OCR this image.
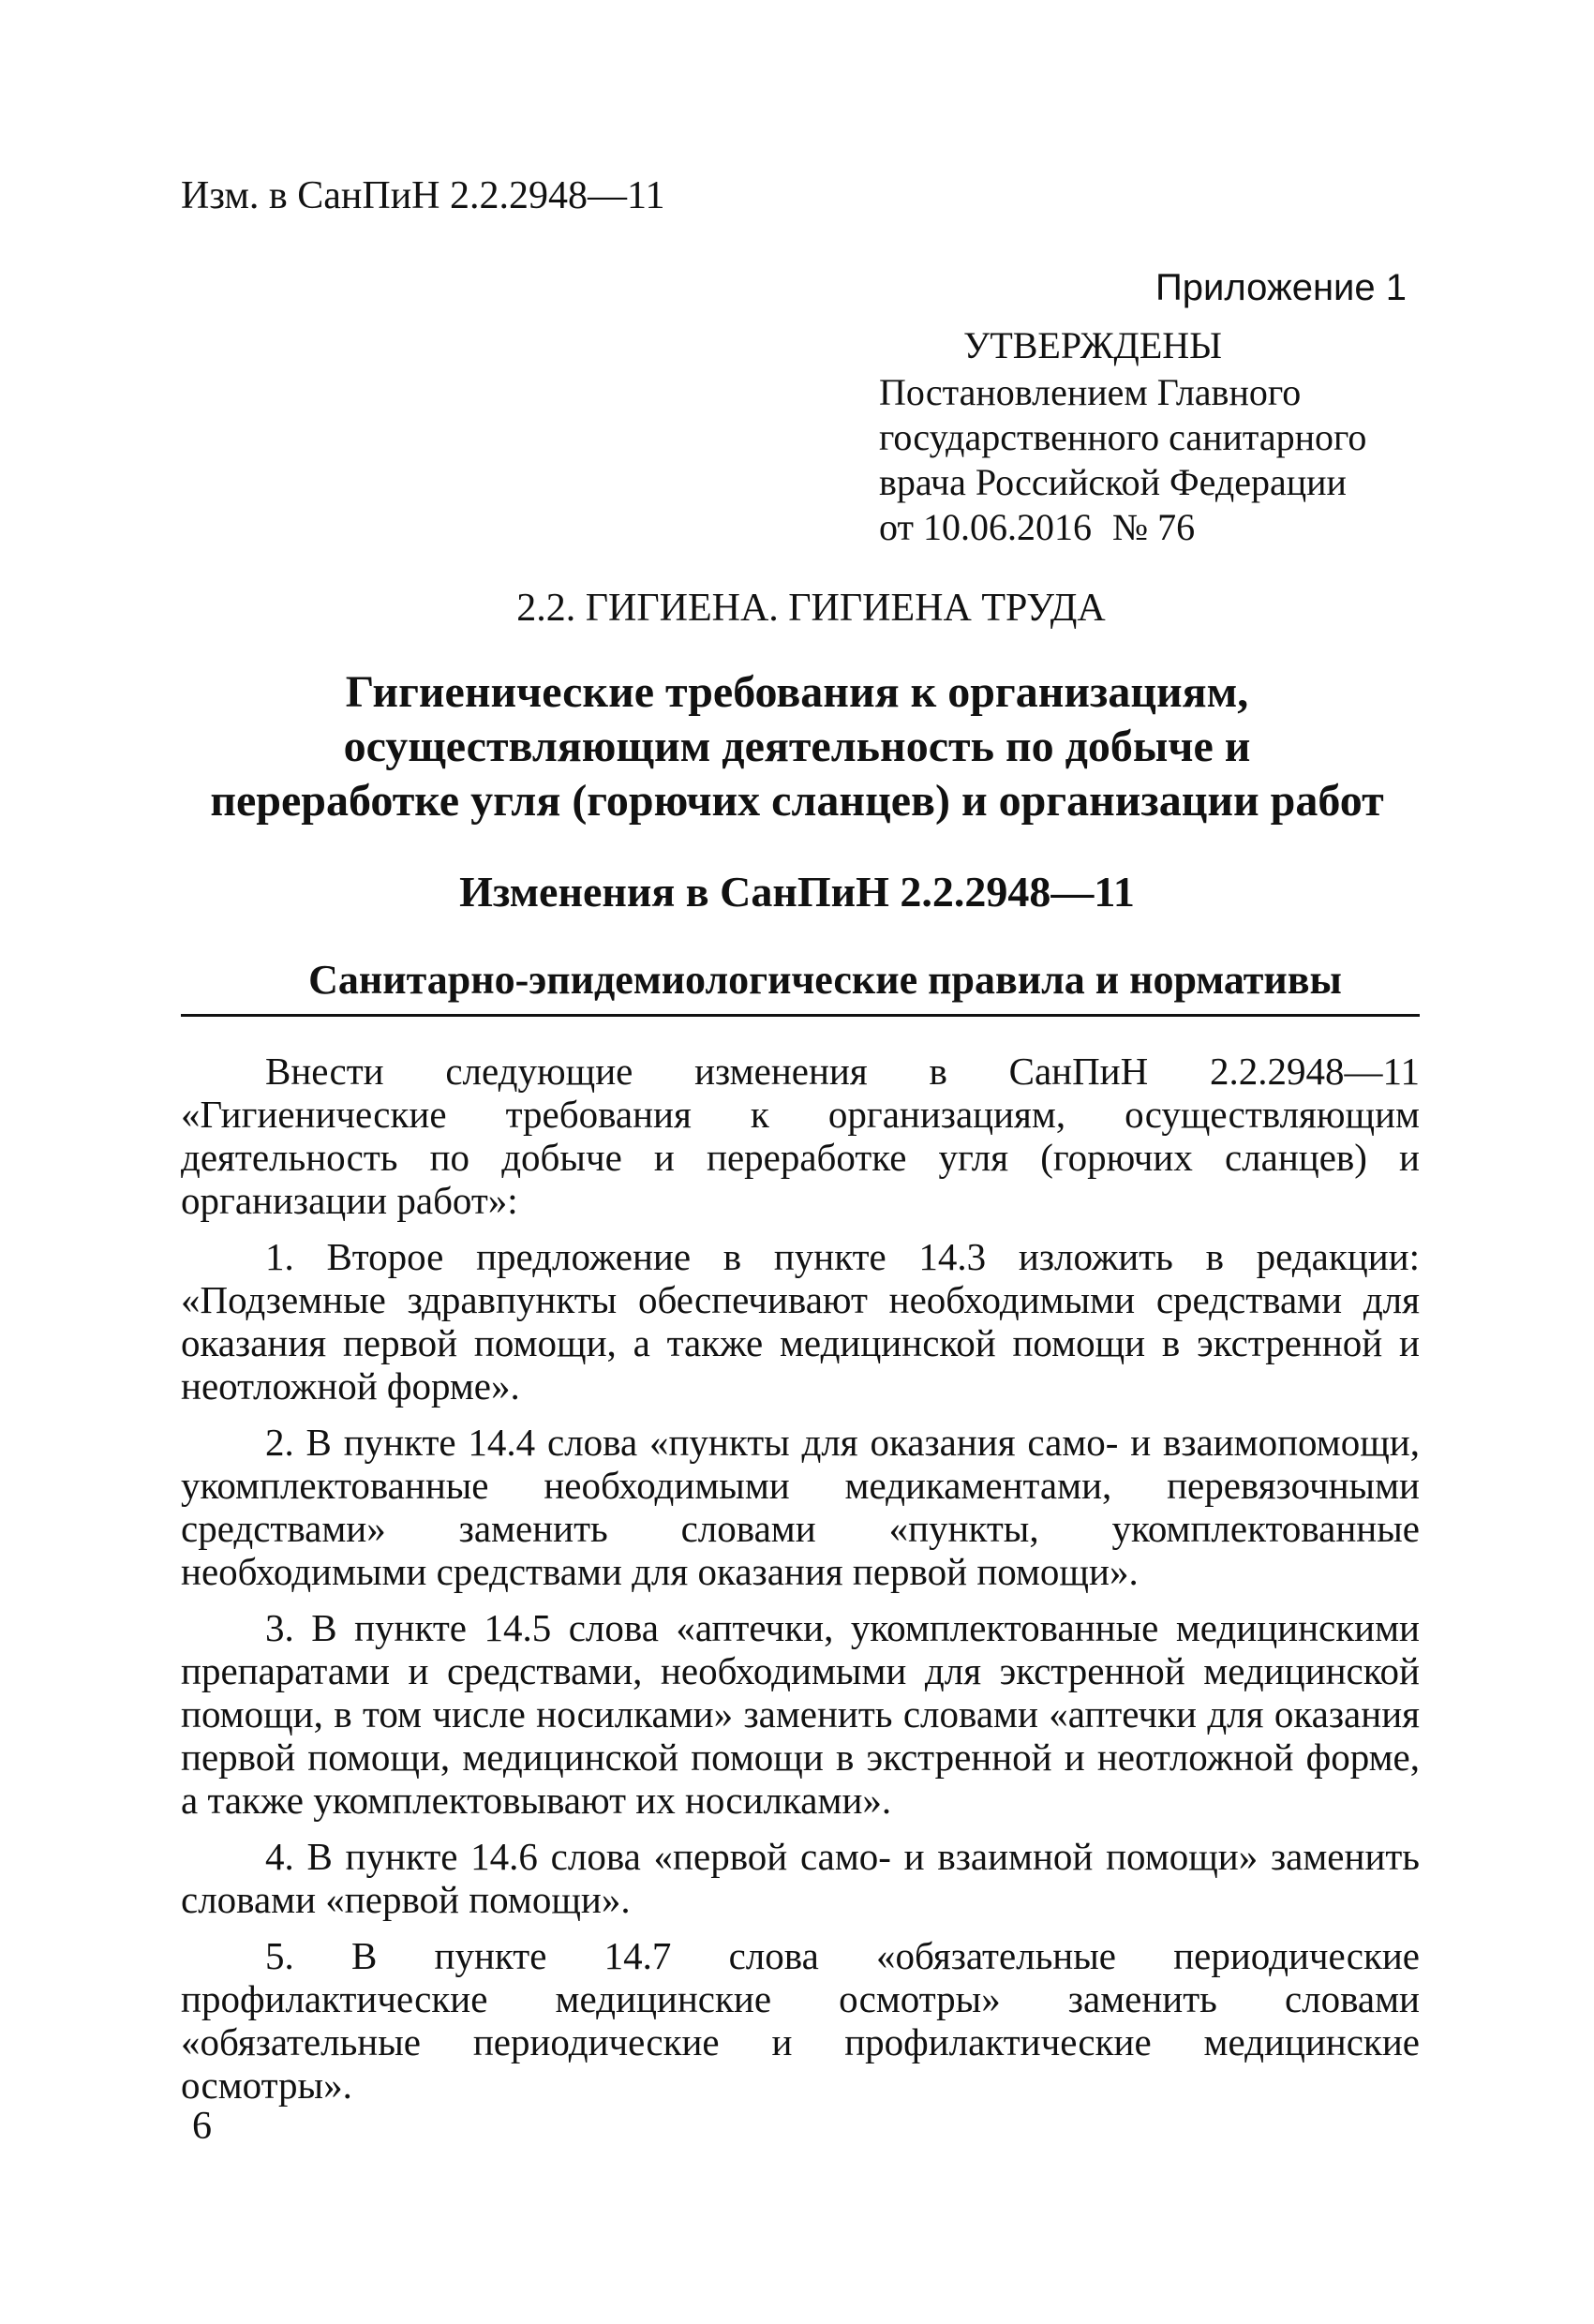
Изм. в СанПиН 2.2.2948—11
Приложение 1
УТВЕРЖДЕНЫ
Постановлением Главного
государственного санитарного
врача Российской Федерации
от 10.06.2016 № 76
2.2. ГИГИЕНА. ГИГИЕНА ТРУДА
Гигиенические требования к организациям,
осуществляющим деятельность по добыче и
переработке угля (горючих сланцев) и организации работ
Изменения в СанПиН 2.2.2948—11
Санитарно-эпидемиологические правила и нормативы

Внести следующие изменения в СанПиН 2.2.2948—11 «Гигиенические требования к организациям, осуществляющим деятельность по добыче и переработке угля (горючих сланцев) и организации работ»:

1. Второе предложение в пункте 14.3 изложить в редакции: «Подземные здравпункты обеспечивают необходимыми средствами для оказания первой помощи, а также медицинской помощи в экстренной и неотложной форме».

2. В пункте 14.4 слова «пункты для оказания само- и взаимопомощи, укомплектованные необходимыми медикаментами, перевязочными средствами» заменить словами «пункты, укомплектованные необходимыми средствами для оказания первой помощи».

3. В пункте 14.5 слова «аптечки, укомплектованные медицинскими препаратами и средствами, необходимыми для экстренной медицинской помощи, в том числе носилками» заменить словами «аптечки для оказания первой помощи, медицинской помощи в экстренной и неотложной форме, а также укомплектовывают их носилками».

4. В пункте 14.6 слова «первой само- и взаимной помощи» заменить словами «первой помощи».

5. В пункте 14.7 слова «обязательные периодические профилактические медицинские осмотры» заменить словами «обязательные периодические и профилактические медицинские осмотры».

6
